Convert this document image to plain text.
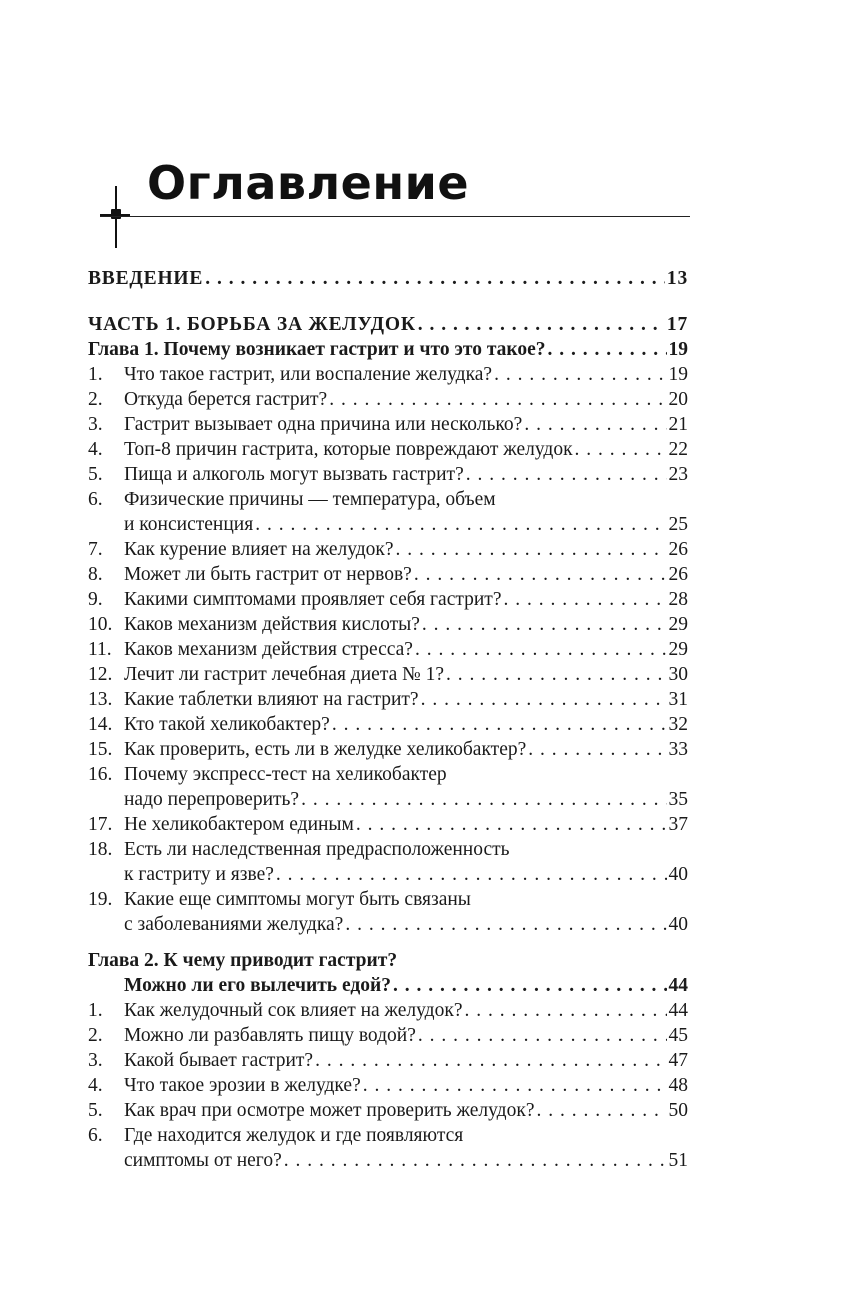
Оглавление
ВВЕДЕНИЕ . . .	13
ЧАСТЬ 1. БОРЬБА ЗА ЖЕЛУДОК . . .	17
Глава 1. Почему возникает гастрит и что это такое? . . .	19
1.	Что такое гастрит, или воспаление желудка? . . .	19
2.	Откуда берется гастрит? . . .	20
3.	Гастрит вызывает одна причина или несколько? . . .	21
4.	Топ-8 причин гастрита, которые повреждают желудок . . .	22
5.	Пища и алкоголь могут вызвать гастрит? . . .	23
6.	Физические причины — температура, объем
и консистенция . . .	25
7.	Как курение влияет на желудок? . . .	26
8.	Может ли быть гастрит от нервов? . . .	26
9.	Какими симптомами проявляет себя гастрит? . . .	28
10. Каков механизм действия кислоты? . . .	29
11. Каков механизм действия стресса? . . .	29
12. Лечит ли гастрит лечебная диета № 1? . . .	30
13. Какие таблетки влияют на гастрит? . . .	31
14. Кто такой хеликобактер? . . .	32
15. Как проверить, есть ли в желудке хеликобактер? . . .	33
16. Почему экспресс-тест на хеликобактер
надо перепроверить? . . .	35
17. Не хеликобактером единым . . .	37
18. Есть ли наследственная предрасположенность
к гастриту и язве? . . .	40
19. Какие еще симптомы могут быть связаны
с заболеваниями желудка? . . .	40
Глава 2. К чему приводит гастрит?
Можно ли его вылечить едой? . . .	44
1.	Как желудочный сок влияет на желудок? . . .	44
2.	Можно ли разбавлять пищу водой? . . .	45
3.	Какой бывает гастрит? . . .	47
4.	Что такое эрозии в желудке? . . .	48
5.	Как врач при осмотре может проверить желудок? . . .	50
6.	Где находится желудок и где появляются
симптомы от него? . . .	51
